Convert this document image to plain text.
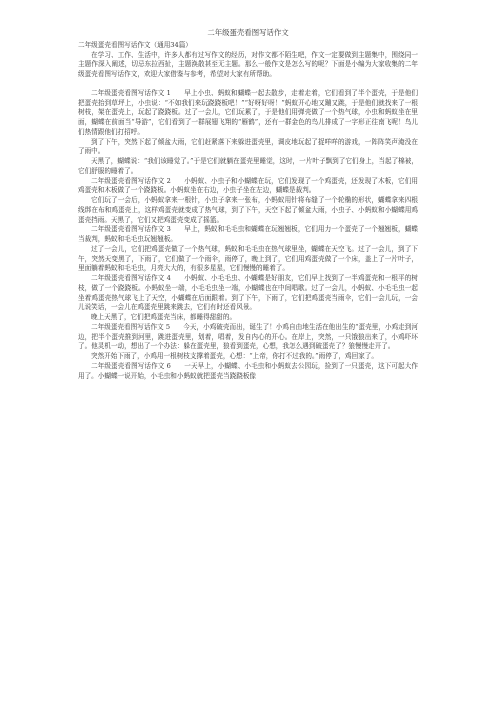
二年级蛋壳看图写话作文
二年级蛋壳看图写话作文（通用34篇）

在学习、工作、生活中，许多人都有过写作文的经历，对作文都不陌生吧，作文一定要做到主题集中，围绕同一主题作深入阐述，切忌东拉西扯，主题涣散甚至无主题。那么一般作文是怎么写的呢？下面是小编为大家收集的二年级蛋壳看图写话作文，欢迎大家借鉴与参考，希望对大家有所帮助。

二年级蛋壳看图写话作文 1　　早上小虫、蚂蚁和蝴蝶一起去散步，走着走着，它们看到了半个蛋壳，于是他们把蛋壳抬到草坪上，小虫说：“不如我们来玩跷跷板吧！”“好呀好呀！”蚂蚁开心地又蹦又跳，于是他们就找来了一根树枝，架在蛋壳上，玩起了跷跷板。过了一会儿，它们玩累了，于是他们用弹壳做了一个热气球，小虫和蚂蚁坐在里面，蝴蝶在前面当“导游”，它们看到了一群展翅飞翔的“雁鹤”，还有一群金色的鸟儿排成了一字形正往南飞呢！鸟儿们热情跟他们打招呼。

到了下午，突然下起了倾盆大雨，它们赶紧落下来躲进蛋壳里，调皮地玩起了捉咩咩的游戏，一阵阵笑声淹没在了雨中。

天黑了，蝴蝶说：“我们该睡觉了。”于是它们就躺在蛋壳里睡觉，这时，一片叶子飘到了它们身上，当起了棉被，它们舒服的睡着了。

二年级蛋壳看图写话作文 2　　小蚂蚁、小虫子和小蝴蝶在玩，它们发现了一个鸡蛋壳，还发现了木板，它们用鸡蛋壳和木板做了一个跷跷板。小蚂蚁坐在右边，小虫子坐在左边，蝴蝶是裁判。

它们玩了一会后，小蚂蚁拿来一根针，小虫子拿来一张布，小蚂蚁用针将布缝了一个轮椭的形状，蝴蝶拿来四根线绑在布和鸡蛋壳上，这样鸡蛋壳就变成了热气球，到了下午，天空下起了倾盆大雨，小虫子、小蚂蚁和小蝴蝶用鸡蛋壳挡雨。天黑了，它们又把鸡蛋壳变成了摇篮。

二年级蛋壳看图写话作文 3　　早上，蚂蚁和毛毛虫和蝴蝶在玩翘翘板，它们用力一个蛋壳了一个翘翘板，蝴蝶当裁判，蚂蚁和毛毛虫玩翘翘板。

过了一会儿，它们把鸡蛋壳做了一个热气球，蚂蚁和毛毛虫在热气球里坐，蝴蝶在天空飞。过了一会儿，到了下午，突然天变黑了，下雨了，它们做了一个雨伞，雨停了，晚上到了，它们用鸡蛋壳做了一个床，盖上了一片叶子，里面躺着蚂蚁和毛毛虫，月亮大大的，有很多星星，它们慢慢的睡着了。

二年级蛋壳看图写话作文 4　　小蚂蚁、小毛毛虫、小蝴蝶是好朋友，它们早上找到了一半鸡蛋壳和一根平的树枝，做了一个跷跷板。小蚂蚁坐一端，小毛毛虫坐一端，小蝴蝶也在中间唱歌。过了一会儿，小蚂蚁、小毛毛虫一起坐着鸡蛋壳热气球飞上了天空，小蝴蝶在后面跟着。到了下午，下雨了，它们把鸡蛋壳当雨伞，它们一会儿玩，一会儿说笑话，一会儿在鸡蛋壳里跳来跳去，它们有时还看风景。

晚上天黑了，它们把鸡蛋壳当床，都睡得甜甜的。

二年级蛋壳看图写话作文 5　　今天，小鸡破壳而出，诞生了！小鸡自由地生活在他出生的“蛋壳里，小鸡走到河边，把半个蛋壳推到河里，跳进蛋壳里，划着，唱着，发自内心的开心。在岸上，突然，一只饿狼出来了，小鸡吓坏了。他灵机一动，想出了一个办法：躲在蛋壳里，狼看到蛋壳，心想，我怎么遇到破蛋壳了？狼慢慢走开了。

突然开始下雨了，小鸡用一根树枝支撑着蛋壳，心想：“上帝，你打不过我的。”雨停了，鸡回家了。

二年级蛋壳看图写话作文 6　　一天早上，小蝴蝶、小毛虫和小蚂蚁去公园玩，捡到了一只蛋壳，这下可起大作用了。小蝴蝶一说开始，小毛虫和小蚂蚁就把蛋壳当跷跷板像
